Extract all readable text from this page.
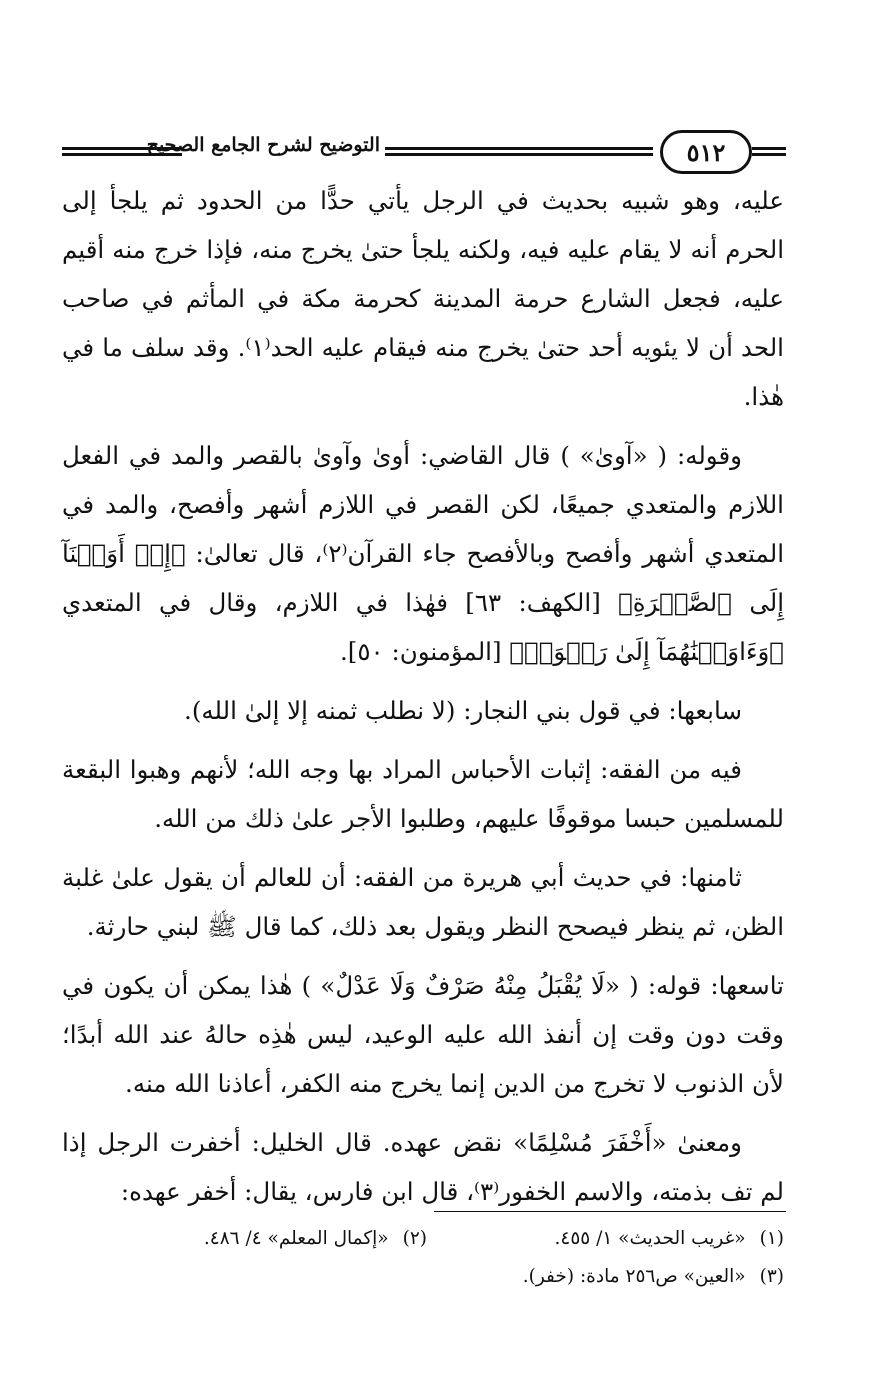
التوضيح لشرح الجامع الصحيح	٥١٢

عليه، وهو شبيه بحديث في الرجل يأتي حدًّا من الحدود ثم يلجأ إلى الحرم أنه لا يقام عليه فيه، ولكنه يلجأ حتىٰ يخرج منه، فإذا خرج منه أقيم عليه، فجعل الشارع حرمة المدينة كحرمة مكة في المأثم في صاحب الحد أن لا يئويه أحد حتىٰ يخرج منه فيقام عليه الحد⁽١⁾. وقد سلف ما في هٰذا.

وقوله: ( «آوىٰ» ) قال القاضي: أوىٰ وآوىٰ بالقصر والمد في الفعل اللازم والمتعدي جميعًا، لكن القصر في اللازم أشهر وأفصح، والمد في المتعدي أشهر وأفصح وبالأفصح جاء القرآن⁽٢⁾، قال تعالىٰ: ﴿إِذۡ أَوَيۡنَآ إِلَى ٱلصَّخۡرَةِ﴾ [الكهف: ٦٣] فهٰذا في اللازم، وقال في المتعدي ﴿وَءَاوَيۡنَٰهُمَآ إِلَىٰ رَبۡوَةٖ﴾ [المؤمنون: ٥٠].

سابعها: في قول بني النجار: (لا نطلب ثمنه إلا إلىٰ الله).

فيه من الفقه: إثبات الأحباس المراد بها وجه الله؛ لأنهم وهبوا البقعة للمسلمين حبسا موقوفًا عليهم، وطلبوا الأجر علىٰ ذلك من الله.

ثامنها: في حديث أبي هريرة من الفقه: أن للعالم أن يقول علىٰ غلبة الظن، ثم ينظر فيصحح النظر ويقول بعد ذلك، كما قال ﷺ لبني حارثة.

تاسعها: قوله: ( «لَا يُقْبَلُ مِنْهُ صَرْفٌ وَلَا عَدْلٌ» ) هٰذا يمكن أن يكون في وقت دون وقت إن أنفذ الله عليه الوعيد، ليس هٰذِه حالهُ عند الله أبدًا؛ لأن الذنوب لا تخرج من الدين إنما يخرج منه الكفر، أعاذنا الله منه.

ومعنىٰ «أَخْفَرَ مُسْلِمًا» نقض عهده. قال الخليل: أخفرت الرجل إذا لم تف بذمته، والاسم الخفور⁽٣⁾، قال ابن فارس، يقال: أخفر عهده:

(١)«غريب الحديث» ١/ ٤٥٥.
(٢)«إكمال المعلم» ٤/ ٤٨٦.
(٣)«العين» ص٢٥٦ مادة: (خفر).
